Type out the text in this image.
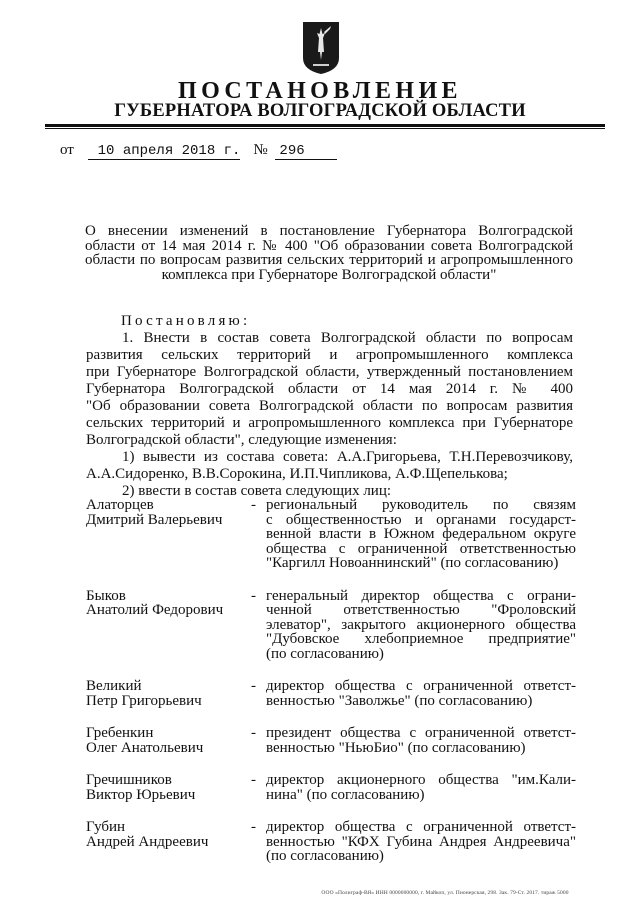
ПОСТАНОВЛЕНИЕ
ГУБЕРНАТОРА ВОЛГОГРАДСКОЙ ОБЛАСТИ
от 10 апреля 2018 г. № 296
О внесении изменений в постановление Губернатора Волгоградской
области от 14 мая 2014 г. № 400 "Об образовании совета Волгоградской
области по вопросам развития сельских территорий и агропромышленного
комплекса при Губернаторе Волгоградской области"
Постановляю:
1. Внести в состав совета Волгоградской области по вопросам
развития сельских территорий и агропромышленного комплекса
при Губернаторе Волгоградской области, утвержденный постановлением
Губернатора Волгоградской области от 14 мая 2014 г. № 400
"Об образовании совета Волгоградской области по вопросам развития
сельских территорий и агропромышленного комплекса при Губернаторе
Волгоградской области", следующие изменения:
1) вывести из состава совета: А.А.Григорьева, Т.Н.Перевозчикову,
А.А.Сидоренко, В.В.Сорокина, И.П.Чипликова, А.Ф.Щепелькова;
2) ввести в состав совета следующих лиц:
Алаторцев
Дмитрий Валерьевич
- региональный руководитель по связям
с общественностью и органами государст-
венной власти в Южном федеральном округе
общества с ограниченной ответственностью
"Каргилл Новоаннинский" (по согласованию)
Быков
Анатолий Федорович
- генеральный директор общества с ограни-
ченной ответственностью "Фроловский
элеватор", закрытого акционерного общества
"Дубовское хлебоприемное предприятие"
(по согласованию)
Великий
Петр Григорьевич
- директор общества с ограниченной ответст-
венностью "Заволжье" (по согласованию)
Гребенкин
Олег Анатольевич
- президент общества с ограниченной ответст-
венностью "НьюБио" (по согласованию)
Гречишников
Виктор Юрьевич
- директор акционерного общества "им.Кали-
нина" (по согласованию)
Губин
Андрей Андреевич
- директор общества с ограниченной ответст-
венностью "КФХ Губина Андрея Андреевича"
(по согласованию)
ООО «Полиграф-ВЯ» ИНН 0000000000, г. Майкоп, ул. Пионерская, 298. Зак. 79-Ст. 2017. тираж 5000
